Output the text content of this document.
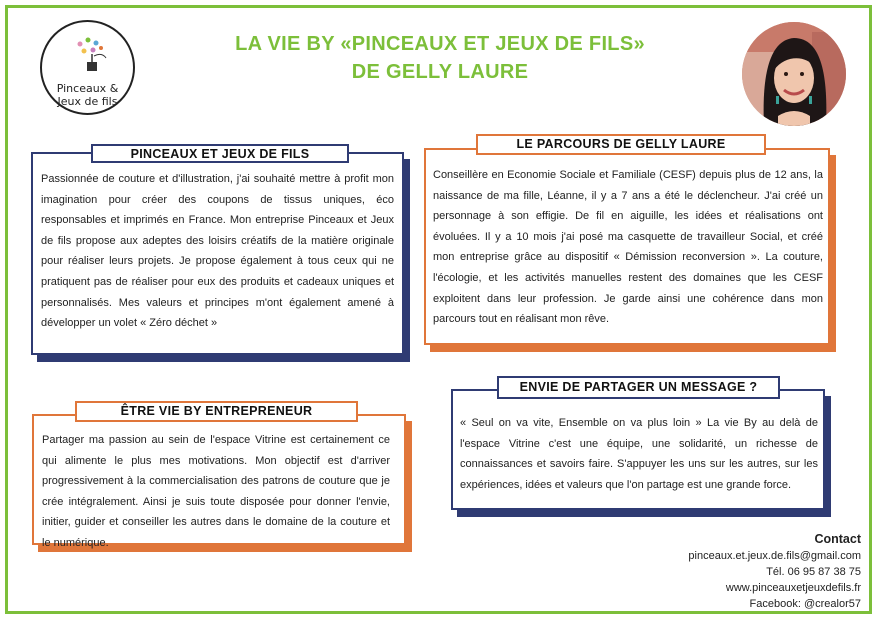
Pinceaux &
Jeux de fils
LA VIE BY «PINCEAUX ET JEUX DE FILS»
DE GELLY LAURE
Passionnée de couture et d'illustration, j'ai souhaité mettre à profit mon imagination pour créer des coupons de tissus uniques, éco responsables et imprimés en France. Mon entreprise Pinceaux et Jeux de fils propose aux adeptes des loisirs créatifs de la matière originale pour réaliser leurs projets. Je propose également à tous ceux qui ne pratiquent pas de réaliser pour eux des produits et cadeaux uniques et personnalisés. Mes valeurs et principes m'ont également amené à développer un volet « Zéro déchet »
PINCEAUX ET JEUX DE FILS
Conseillère en Economie Sociale et Familiale (CESF) depuis plus de 12 ans, la naissance de ma fille, Léanne, il y a 7 ans a été le déclencheur. J'ai créé un personnage à son effigie. De fil en aiguille, les idées et réalisations ont évoluées. Il y a 10 mois j'ai posé ma casquette de travailleur Social, et créé mon entreprise grâce au dispositif « Démission reconversion ». La couture, l'écologie, et les activités manuelles restent des domaines que les CESF exploitent dans leur profession. Je garde ainsi une cohérence dans mon parcours tout en réalisant mon rêve.
LE PARCOURS DE GELLY LAURE
Partager ma passion au sein de l'espace Vitrine est certainement ce qui alimente le plus mes motivations. Mon objectif est d'arriver progressivement à la commercialisation des patrons de couture que je crée intégralement. Ainsi je suis toute disposée pour donner l'envie, initier, guider et conseiller les autres dans le domaine de la couture et le numérique.
ÊTRE VIE BY ENTREPRENEUR
« Seul on va vite, Ensemble on va plus loin » La vie By au delà de l'espace Vitrine c'est une équipe, une solidarité, un richesse de connaissances et savoirs faire. S'appuyer les uns sur les autres, sur les expériences, idées et valeurs que l'on partage est une grande force.
ENVIE DE PARTAGER UN MESSAGE ?
Contact
pinceaux.et.jeux.de.fils@gmail.com
Tél. 06 95 87 38 75
www.pinceauxetjeuxdefils.fr
Facebook: @crealor57
